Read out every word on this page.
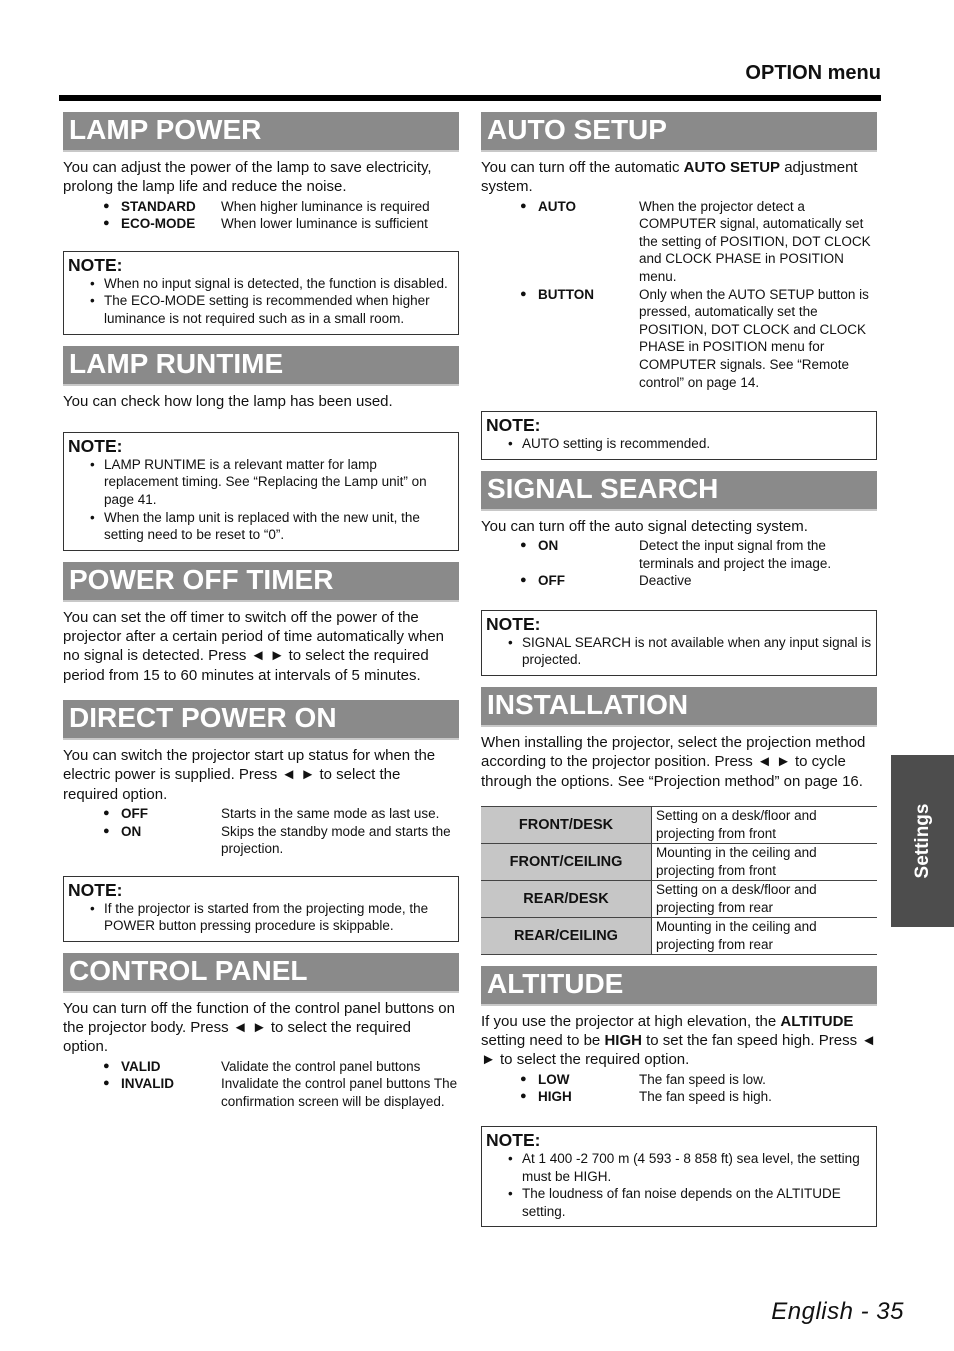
OPTION menu
LAMP POWER
You can adjust the power of the lamp to save electricity, prolong the lamp life and reduce the noise.
● STANDARD	When higher luminance is required
● ECO-MODE	When lower luminance is sufficient
NOTE:
• When no input signal is detected, the function is disabled.
• The ECO-MODE setting is recommended when higher luminance is not required such as in a small room.
LAMP RUNTIME
You can check how long the lamp has been used.
NOTE:
• LAMP RUNTIME is a relevant matter for lamp replacement timing. See “Replacing the Lamp unit” on page 41.
• When the lamp unit is replaced with the new unit, the setting need to be reset to “0”.
POWER OFF TIMER
You can set the off timer to switch off the power of the projector after a certain period of time automatically when no signal is detected. Press ◄ ► to select the required period from 15 to 60 minutes at intervals of 5 minutes.
DIRECT POWER ON
You can switch the projector start up status for when the electric power is supplied. Press ◄ ► to select the required option.
● OFF	Starts in the same mode as last use.
● ON	Skips the standby mode and starts the projection.
NOTE:
• If the projector is started from the projecting mode, the POWER button pressing procedure is skippable.
CONTROL PANEL
You can turn off the function of the control panel buttons on the projector body. Press ◄ ► to select the required option.
● VALID	Validate the control panel buttons
● INVALID	Invalidate the control panel buttons The confirmation screen will be displayed.
AUTO SETUP
You can turn off the automatic AUTO SETUP adjustment system.
● AUTO	When the projector detect a COMPUTER signal, automatically set the setting of POSITION, DOT CLOCK and CLOCK PHASE in POSITION menu.
● BUTTON	Only when the AUTO SETUP button is pressed, automatically set the POSITION, DOT CLOCK and CLOCK PHASE in POSITION menu for COMPUTER signals. See “Remote control” on page 14.
NOTE:
• AUTO setting is recommended.
SIGNAL SEARCH
You can turn off the auto signal detecting system.
● ON	Detect the input signal from the terminals and project the image.
● OFF	Deactive
NOTE:
• SIGNAL SEARCH is not available when any input signal is projected.
INSTALLATION
When installing the projector, select the projection method according to the projector position. Press ◄ ► to cycle through the options. See “Projection method” on page 16.
FRONT/DESK	Setting on a desk/floor and projecting from front
FRONT/CEILING	Mounting in the ceiling and projecting from front
REAR/DESK	Setting on a desk/floor and projecting from rear
REAR/CEILING	Mounting in the ceiling and projecting from rear
ALTITUDE
If you use the projector at high elevation, the ALTITUDE setting need to be HIGH to set the fan speed high. Press ◄ ► to select the required option.
● LOW	The fan speed is low.
● HIGH	The fan speed is high.
NOTE:
• At 1 400 -2 700 m (4 593 - 8 858 ft) sea level, the setting must be HIGH.
• The loudness of fan noise depends on the ALTITUDE setting.
Settings
English - 35
